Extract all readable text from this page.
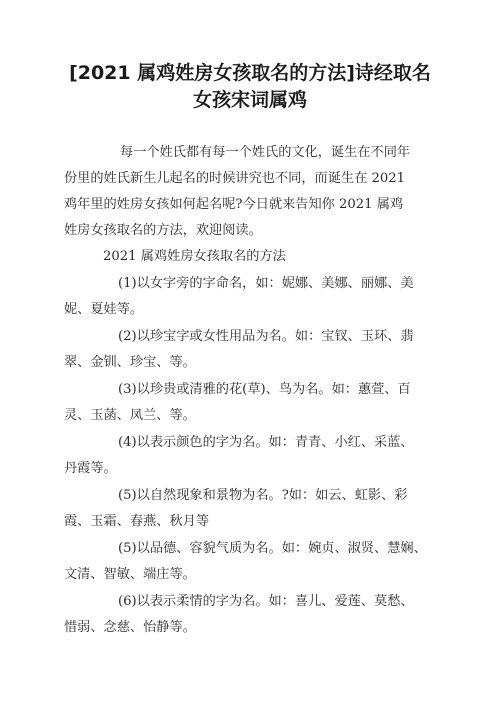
[2021 属鸡姓房女孩取名的方法]诗经取名
女孩宋词属鸡

每一个姓氏都有每一个姓氏的文化，诞生在不同年

份里的姓氏新生儿起名的时候讲究也不同，而诞生在 2021

鸡年里的姓房女孩如何起名呢?今日就来告知你 2021 属鸡

姓房女孩取名的方法，欢迎阅读。

2021 属鸡姓房女孩取名的方法

(1)以女字旁的字命名，如：妮娜、美娜、丽娜、美

妮、夏娃等。

(2)以珍宝字或女性用品为名。如：宝钗、玉环、翡

翠、金钏、珍宝、等。

(3)以珍贵或清雅的花(草)、鸟为名。如：蕙萱、百

灵、玉菡、凤兰、等。

(4)以表示颜色的字为名。如：青青、小红、采蓝、

丹霞等。

(5)以自然现象和景物为名。?如：如云、虹影、彩

霞、玉霜、春燕、秋月等

(5)以品德、容貌气质为名。如：婉贞、淑贤、慧娴、

文清、智敏、端庄等。

(6)以表示柔情的字为名。如：喜儿、爱莲、莫愁、

惜弱、念慈、怡静等。
